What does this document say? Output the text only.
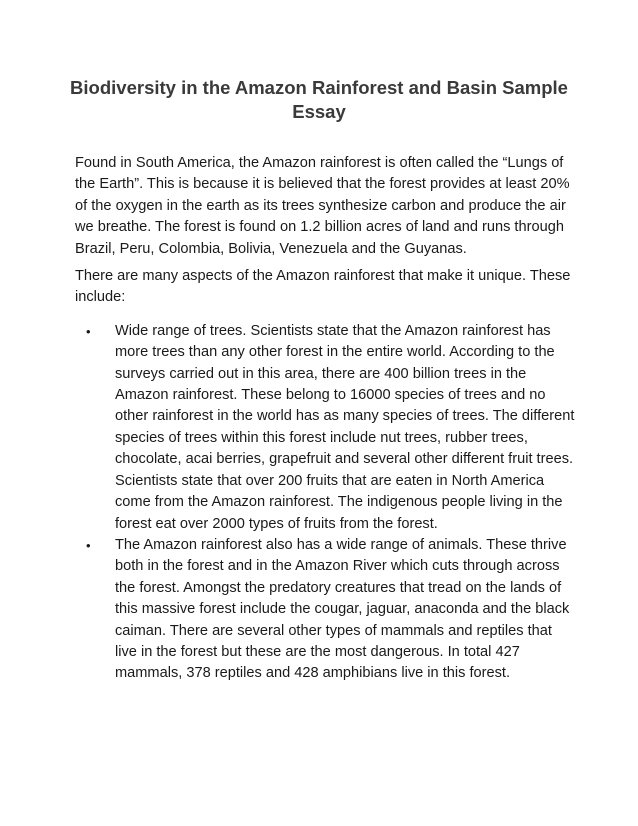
Biodiversity in the Amazon Rainforest and Basin Sample Essay

Found in South America, the Amazon rainforest is often called the “Lungs of the Earth”. This is because it is believed that the forest provides at least 20% of the oxygen in the earth as its trees synthesize carbon and produce the air we breathe. The forest is found on 1.2 billion acres of land and runs through Brazil, Peru, Colombia, Bolivia, Venezuela and the Guyanas.

There are many aspects of the Amazon rainforest that make it unique. These include:

• Wide range of trees. Scientists state that the Amazon rainforest has more trees than any other forest in the entire world. According to the surveys carried out in this area, there are 400 billion trees in the Amazon rainforest. These belong to 16000 species of trees and no other rainforest in the world has as many species of trees. The different species of trees within this forest include nut trees, rubber trees, chocolate, acai berries, grapefruit and several other different fruit trees. Scientists state that over 200 fruits that are eaten in North America come from the Amazon rainforest. The indigenous people living in the forest eat over 2000 types of fruits from the forest.
• The Amazon rainforest also has a wide range of animals. These thrive both in the forest and in the Amazon River which cuts through across the forest. Amongst the predatory creatures that tread on the lands of this massive forest include the cougar, jaguar, anaconda and the black caiman. There are several other types of mammals and reptiles that live in the forest but these are the most dangerous. In total 427 mammals, 378 reptiles and 428 amphibians live in this forest.
